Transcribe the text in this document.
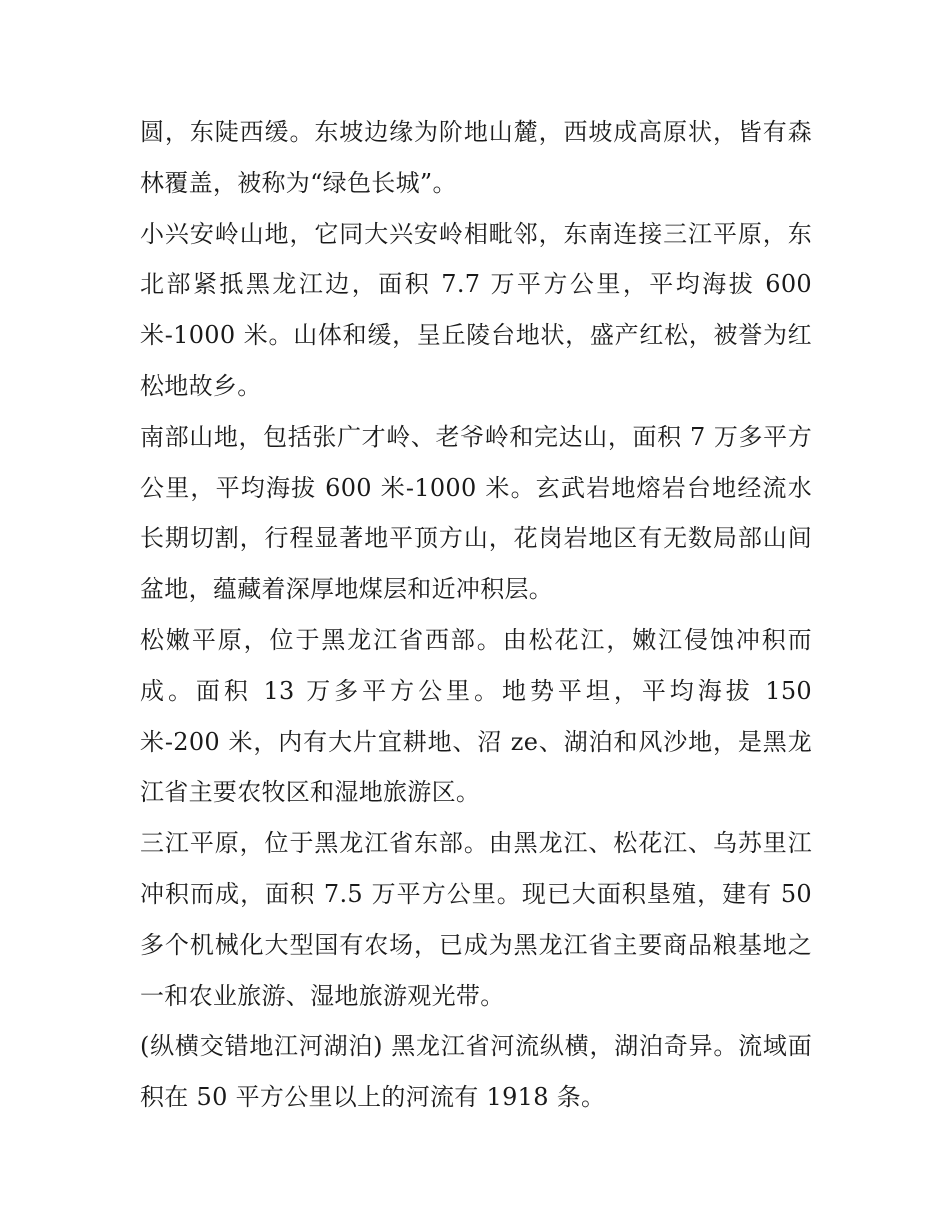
圆，东陡西缓。东坡边缘为阶地山麓，西坡成高原状，皆有森林覆盖，被称为“绿色长城”。

小兴安岭山地，它同大兴安岭相毗邻，东南连接三江平原，东北部紧抵黑龙江边，面积 7.7 万平方公里，平均海拔 600 米-1000 米。山体和缓，呈丘陵台地状，盛产红松，被誉为红松地故乡。

南部山地，包括张广才岭、老爷岭和完达山，面积 7 万多平方公里，平均海拔 600 米-1000 米。玄武岩地熔岩台地经流水长期切割，行程显著地平顶方山，花岗岩地区有无数局部山间盆地，蕴藏着深厚地煤层和近冲积层。

松嫩平原，位于黑龙江省西部。由松花江，嫩江侵蚀冲积而成。面积 13 万多平方公里。地势平坦，平均海拔 150 米-200 米，内有大片宜耕地、沼 ze、湖泊和风沙地，是黑龙江省主要农牧区和湿地旅游区。

三江平原，位于黑龙江省东部。由黑龙江、松花江、乌苏里江冲积而成，面积 7.5 万平方公里。现已大面积垦殖，建有 50 多个机械化大型国有农场，已成为黑龙江省主要商品粮基地之一和农业旅游、湿地旅游观光带。

(纵横交错地江河湖泊) 黑龙江省河流纵横，湖泊奇异。流域面积在 50 平方公里以上的河流有 1918 条。
